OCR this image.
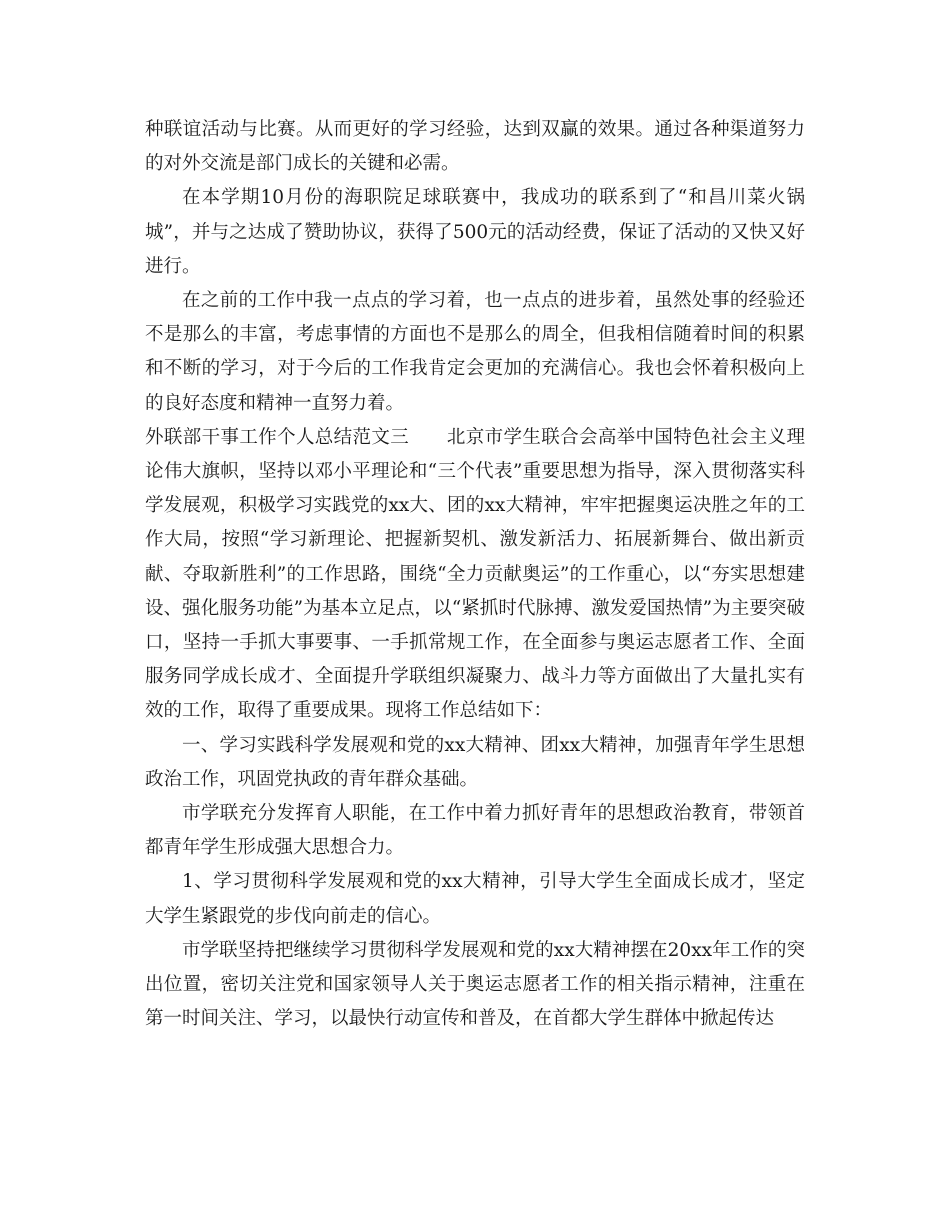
种联谊活动与比赛。从而更好的学习经验，达到双赢的效果。通过各种渠道努力的对外交流是部门成长的关键和必需。

在本学期10月份的海职院足球联赛中，我成功的联系到了“和昌川菜火锅城”，并与之达成了赞助协议，获得了500元的活动经费，保证了活动的又快又好进行。

在之前的工作中我一点点的学习着，也一点点的进步着，虽然处事的经验还不是那么的丰富，考虑事情的方面也不是那么的周全，但我相信随着时间的积累和不断的学习，对于今后的工作我肯定会更加的充满信心。我也会怀着积极向上的良好态度和精神一直努力着。

外联部干事工作个人总结范文三　　北京市学生联合会高举中国特色社会主义理论伟大旗帜，坚持以邓小平理论和“三个代表”重要思想为指导，深入贯彻落实科学发展观，积极学习实践党的xx大、团的xx大精神，牢牢把握奥运决胜之年的工作大局，按照“学习新理论、把握新契机、激发新活力、拓展新舞台、做出新贡献、夺取新胜利”的工作思路，围绕“全力贡献奥运”的工作重心，以“夯实思想建设、强化服务功能”为基本立足点，以“紧抓时代脉搏、激发爱国热情”为主要突破口，坚持一手抓大事要事、一手抓常规工作，在全面参与奥运志愿者工作、全面服务同学成长成才、全面提升学联组织凝聚力、战斗力等方面做出了大量扎实有效的工作，取得了重要成果。现将工作总结如下：

一、学习实践科学发展观和党的xx大精神、团xx大精神，加强青年学生思想政治工作，巩固党执政的青年群众基础。

市学联充分发挥育人职能，在工作中着力抓好青年的思想政治教育，带领首都青年学生形成强大思想合力。

1、学习贯彻科学发展观和党的xx大精神，引导大学生全面成长成才，坚定大学生紧跟党的步伐向前走的信心。

市学联坚持把继续学习贯彻科学发展观和党的xx大精神摆在20xx年工作的突出位置，密切关注党和国家领导人关于奥运志愿者工作的相关指示精神，注重在第一时间关注、学习，以最快行动宣传和普及，在首都大学生群体中掀起传达
